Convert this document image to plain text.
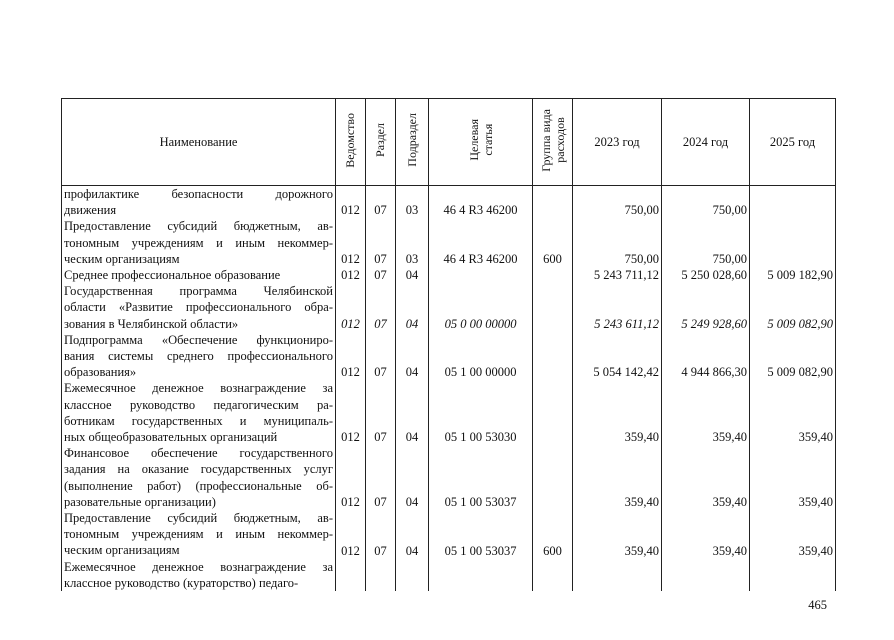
Наименование	Ведомство	Раздел	Подраздел	Целевая статья	Группа вида расходов	2023 год	2024 год	2025 год

профилактике безопасности дорожного
движения	012	07	03	46 4 R3 46200		750,00	750,00	

Предоставление субсидий бюджетным, ав-
тономным учреждениям и иным некоммер-
ческим организациям	012	07	03	46 4 R3 46200	600	750,00	750,00	

Среднее профессиональное образование	012	07	04			5 243 711,12	5 250 028,60	5 009 182,90

Государственная программа Челябинской
области «Развитие профессионального обра-
зования в Челябинской области»	012	07	04	05 0 00 00000		5 243 611,12	5 249 928,60	5 009 082,90

Подпрограмма «Обеспечение функциониро-
вания системы среднего профессионального
образования»	012	07	04	05 1 00 00000		5 054 142,42	4 944 866,30	5 009 082,90

Ежемесячное денежное вознаграждение за
классное руководство педагогическим ра-
ботникам государственных и муниципаль-
ных общеобразовательных организаций	012	07	04	05 1 00 53030		359,40	359,40	359,40

Финансовое обеспечение государственного
задания на оказание государственных услуг
(выполнение работ) (профессиональные об-
разовательные организации)	012	07	04	05 1 00 53037		359,40	359,40	359,40

Предоставление субсидий бюджетным, ав-
тономным учреждениям и иным некоммер-
ческим организациям	012	07	04	05 1 00 53037	600	359,40	359,40	359,40

Ежемесячное денежное вознаграждение за
классное руководство (кураторство) педаго-								

465
